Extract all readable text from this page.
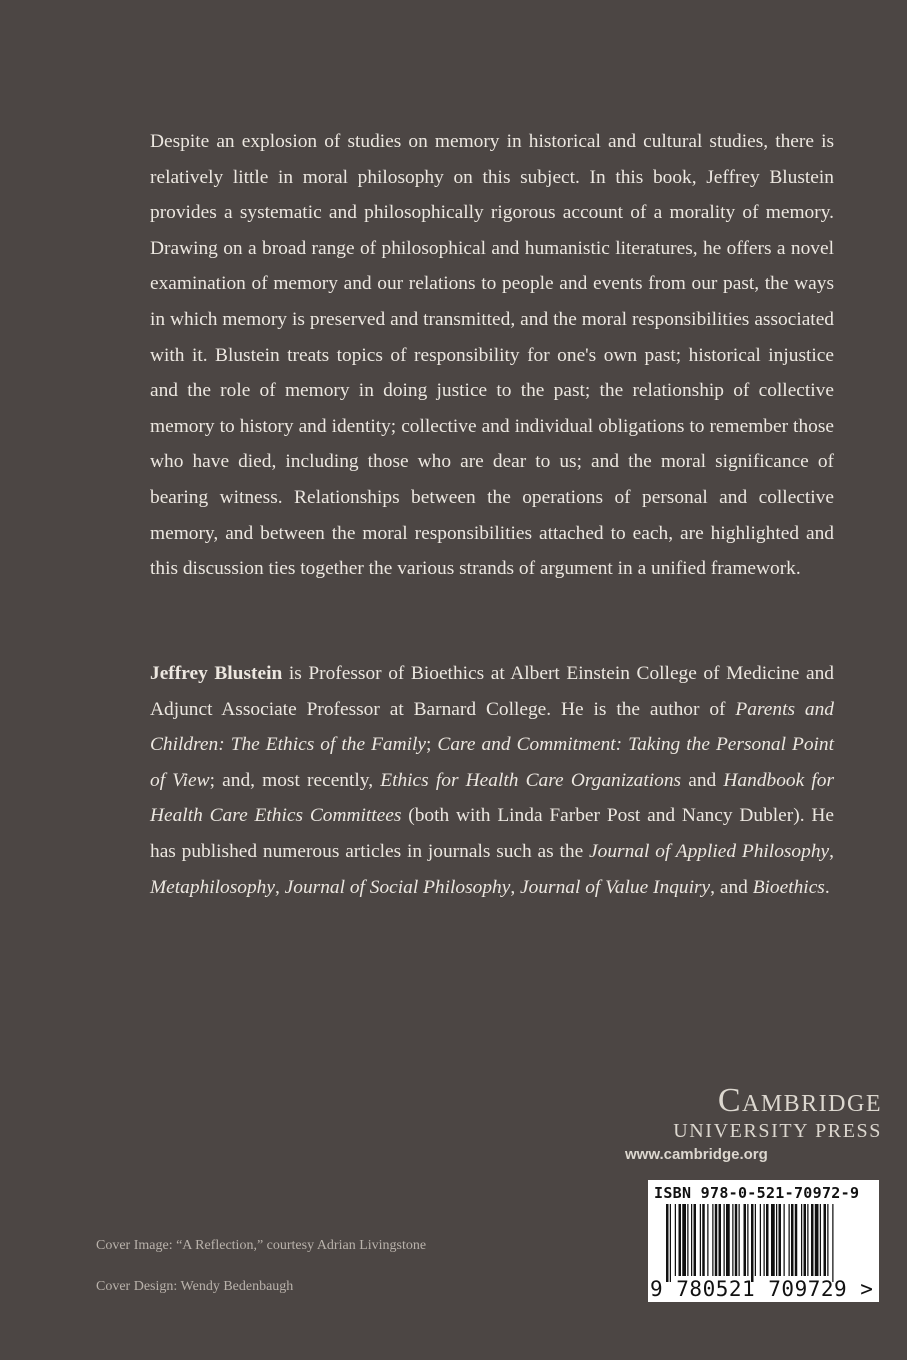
Despite an explosion of studies on memory in historical and cultural studies, there is relatively little in moral philosophy on this subject. In this book, Jeffrey Blustein provides a systematic and philosophically rigorous account of a morality of memory. Drawing on a broad range of philosophical and humanistic literatures, he offers a novel examination of memory and our relations to people and events from our past, the ways in which memory is preserved and transmitted, and the moral responsibilities associated with it. Blustein treats topics of responsibility for one's own past; historical injustice and the role of memory in doing justice to the past; the relationship of collective memory to history and identity; collective and individual obligations to remember those who have died, including those who are dear to us; and the moral significance of bearing witness. Relationships between the operations of personal and collective memory, and between the moral responsibilities attached to each, are highlighted and this discussion ties together the various strands of argument in a unified framework.

Jeffrey Blustein is Professor of Bioethics at Albert Einstein College of Medicine and Adjunct Associate Professor at Barnard College. He is the author of Parents and Children: The Ethics of the Family; Care and Commitment: Taking the Personal Point of View; and, most recently, Ethics for Health Care Organizations and Handbook for Health Care Ethics Committees (both with Linda Farber Post and Nancy Dubler). He has published numerous articles in journals such as the Journal of Applied Philosophy, Metaphilosophy, Journal of Social Philosophy, Journal of Value Inquiry, and Bioethics.

Cambridge
UNIVERSITY PRESS
www.cambridge.org
ISBN 978-0-521-70972-9
9 780521 709729 >
Cover Image: “A Reflection,” courtesy Adrian Livingstone
Cover Design: Wendy Bedenbaugh
